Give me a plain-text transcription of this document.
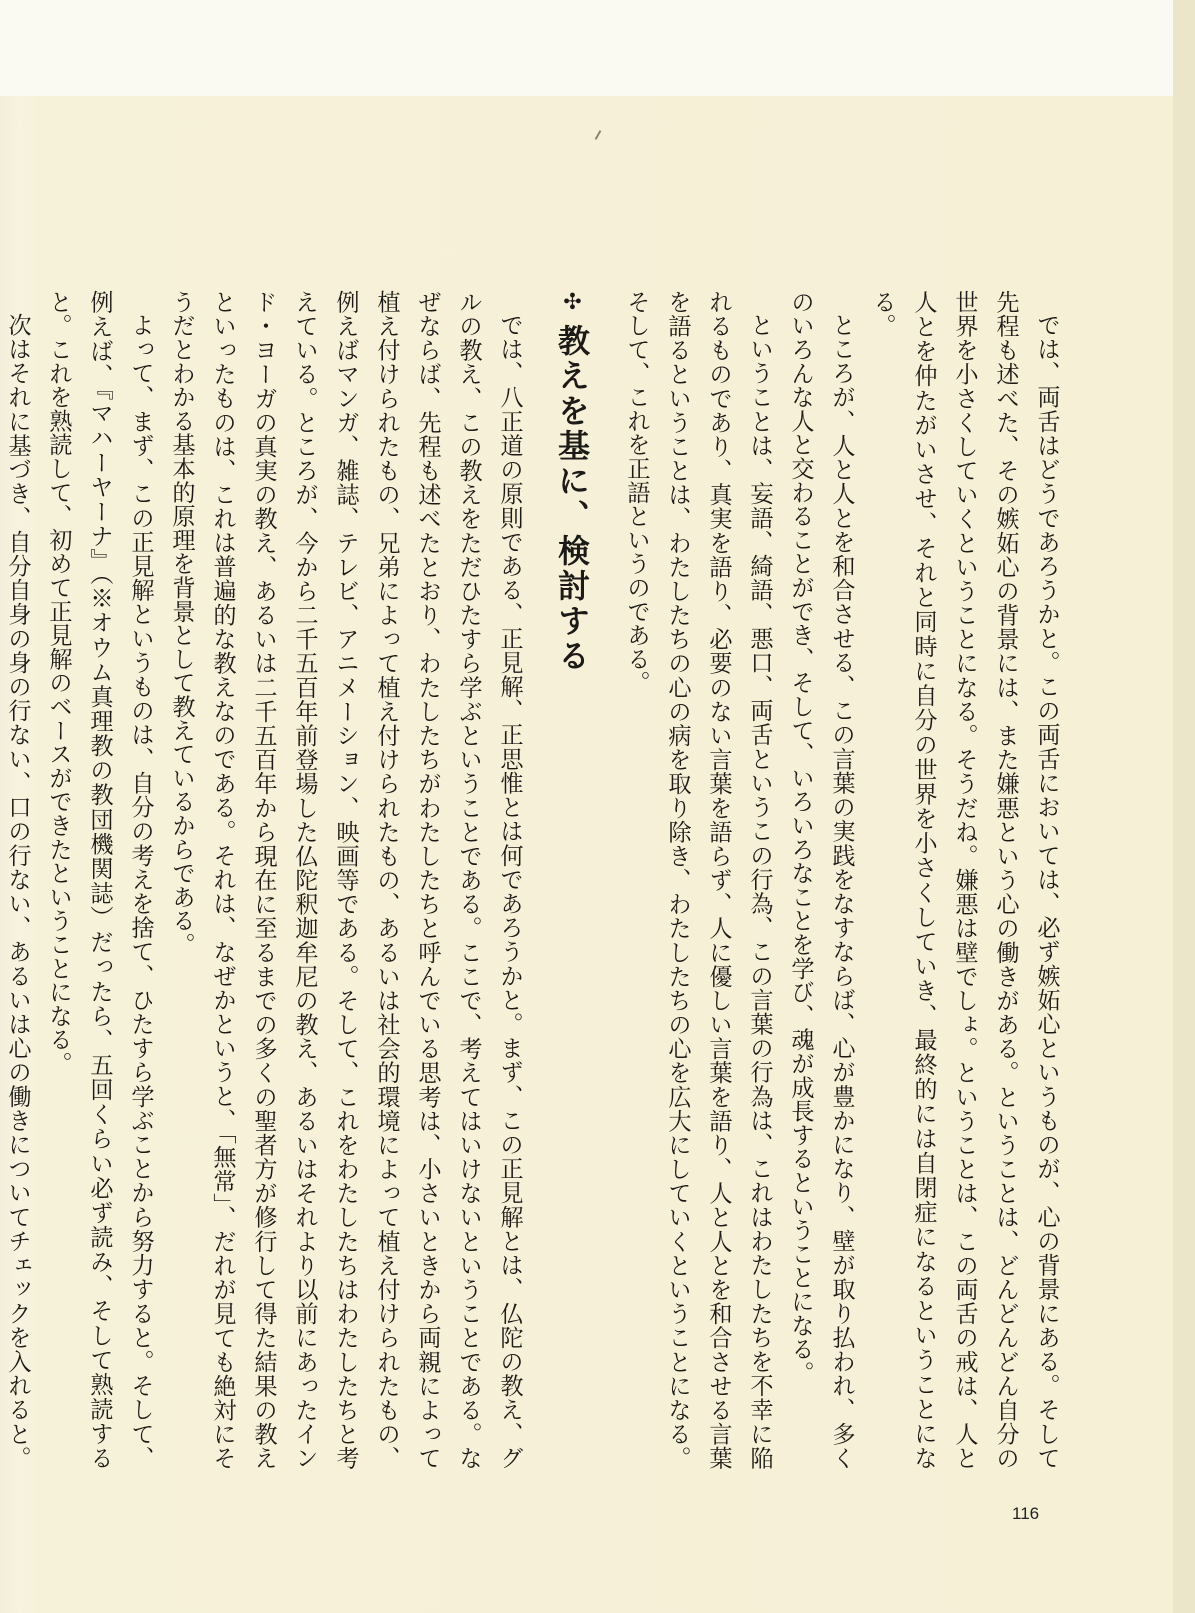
では、両舌はどうであろうかと。この両舌においては、必ず嫉妬心というものが、心の背景にある。そして先程も述べた、その嫉妬心の背景には、また嫌悪という心の働きがある。ということは、どんどんどん自分の世界を小さくしていくということになる。そうだね。嫌悪は壁でしょ。ということは、この両舌の戒は、人と人とを仲たがいさせ、それと同時に自分の世界を小さくしていき、最終的には自閉症になるということになる。

ところが、人と人とを和合させる、この言葉の実践をなすならば、心が豊かになり、壁が取り払われ、多くのいろんな人と交わることができ、そして、いろいろなことを学び、魂が成長するということになる。

ということは、妄語、綺語、悪口、両舌というこの行為、この言葉の行為は、これはわたしたちを不幸に陥れるものであり、真実を語り、必要のない言葉を語らず、人に優しい言葉を語り、人と人とを和合させる言葉を語るということは、わたしたちの心の病を取り除き、わたしたちの心を広大にしていくということになる。そして、これを正語というのである。

✣教えを基に、検討する

では、八正道の原則である、正見解、正思惟とは何であろうかと。まず、この正見解とは、仏陀の教え、グルの教え、この教えをただひたすら学ぶということである。ここで、考えてはいけないということである。なぜならば、先程も述べたとおり、わたしたちがわたしたちと呼んでいる思考は、小さいときから両親によって植え付けられたもの、兄弟によって植え付けられたもの、あるいは社会的環境によって植え付けられたもの、例えばマンガ、雑誌、テレビ、アニメーション、映画等である。そして、これをわたしたちはわたしたちと考えている。ところが、今から二千五百年前登場した仏陀釈迦牟尼の教え、あるいはそれより以前にあったインド・ヨーガの真実の教え、あるいは二千五百年から現在に至るまでの多くの聖者方が修行して得た結果の教えといったものは、これは普遍的な教えなのである。それは、なぜかというと、「無常」、だれが見ても絶対にそうだとわかる基本的原理を背景として教えているからである。

よって、まず、この正見解というものは、自分の考えを捨て、ひたすら学ぶことから努力すると。そして、例えば、『マハーヤーナ』（※オウム真理教の教団機関誌）だったら、五回くらい必ず読み、そして熟読すると。これを熟読して、初めて正見解のベースができたということになる。

次はそれに基づき、自分自身の身の行ない、口の行ない、あるいは心の働きについてチェックを入れると。

116
